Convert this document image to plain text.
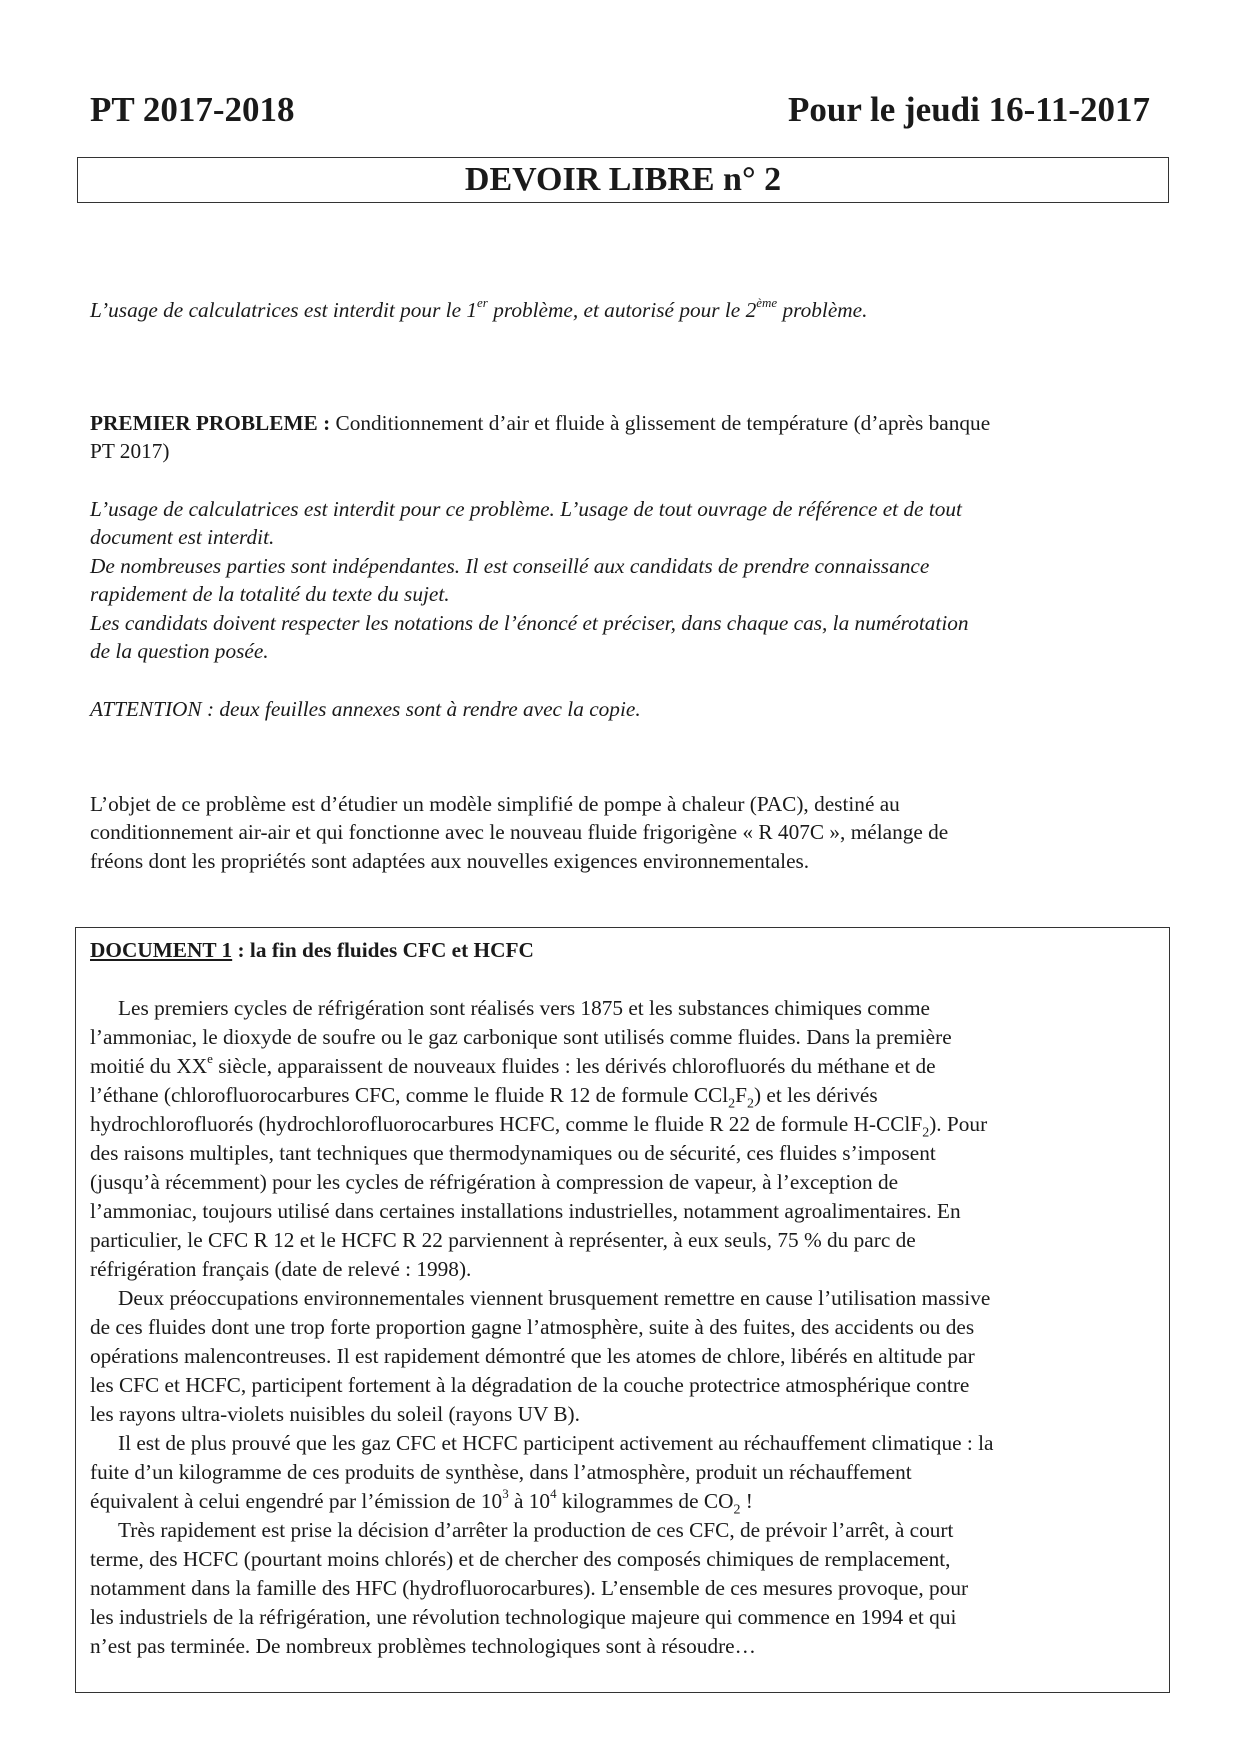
PT 2017-2018	Pour le jeudi 16-11-2017
DEVOIR LIBRE n° 2
L’usage de calculatrices est interdit pour le 1er problème, et autorisé pour le 2ème problème.
PREMIER PROBLEME : Conditionnement d’air et fluide à glissement de température (d’après banque
PT 2017)
L’usage de calculatrices est interdit pour ce problème. L’usage de tout ouvrage de référence et de tout
document est interdit.
De nombreuses parties sont indépendantes. Il est conseillé aux candidats de prendre connaissance
rapidement de la totalité du texte du sujet.
Les candidats doivent respecter les notations de l’énoncé et préciser, dans chaque cas, la numérotation
de la question posée.
ATTENTION : deux feuilles annexes sont à rendre avec la copie.
L’objet de ce problème est d’étudier un modèle simplifié de pompe à chaleur (PAC), destiné au
conditionnement air-air et qui fonctionne avec le nouveau fluide frigorigène « R 407C », mélange de
fréons dont les propriétés sont adaptées aux nouvelles exigences environnementales.
DOCUMENT 1 : la fin des fluides CFC et HCFC
Les premiers cycles de réfrigération sont réalisés vers 1875 et les substances chimiques comme
l’ammoniac, le dioxyde de soufre ou le gaz carbonique sont utilisés comme fluides. Dans la première
moitié du XXe siècle, apparaissent de nouveaux fluides : les dérivés chlorofluorés du méthane et de
l’éthane (chlorofluorocarbures CFC, comme le fluide R 12 de formule $CCl_2F_2$) et les dérivés
hydrochlorofluorés (hydrochlorofluorocarbures HCFC, comme le fluide R 22 de formule H-CClF$_2$). Pour
des raisons multiples, tant techniques que thermodynamiques ou de sécurité, ces fluides s’imposent
(jusqu’à récemment) pour les cycles de réfrigération à compression de vapeur, à l’exception de
l’ammoniac, toujours utilisé dans certaines installations industrielles, notamment agroalimentaires. En
particulier, le CFC R 12 et le HCFC R 22 parviennent à représenter, à eux seuls, 75 % du parc de
réfrigération français (date de relevé : 1998).
Deux préoccupations environnementales viennent brusquement remettre en cause l’utilisation massive
de ces fluides dont une trop forte proportion gagne l’atmosphère, suite à des fuites, des accidents ou des
opérations malencontreuses. Il est rapidement démontré que les atomes de chlore, libérés en altitude par
les CFC et HCFC, participent fortement à la dégradation de la couche protectrice atmosphérique contre
les rayons ultra-violets nuisibles du soleil (rayons UV B).
Il est de plus prouvé que les gaz CFC et HCFC participent activement au réchauffement climatique : la
fuite d’un kilogramme de ces produits de synthèse, dans l’atmosphère, produit un réchauffement
équivalent à celui engendré par l’émission de $10^3$ à $10^4$ kilogrammes de $CO_2$ !
Très rapidement est prise la décision d’arrêter la production de ces CFC, de prévoir l’arrêt, à court
terme, des HCFC (pourtant moins chlorés) et de chercher des composés chimiques de remplacement,
notamment dans la famille des HFC (hydrofluorocarbures). L’ensemble de ces mesures provoque, pour
les industriels de la réfrigération, une révolution technologique majeure qui commence en 1994 et qui
n’est pas terminée. De nombreux problèmes technologiques sont à résoudre…
